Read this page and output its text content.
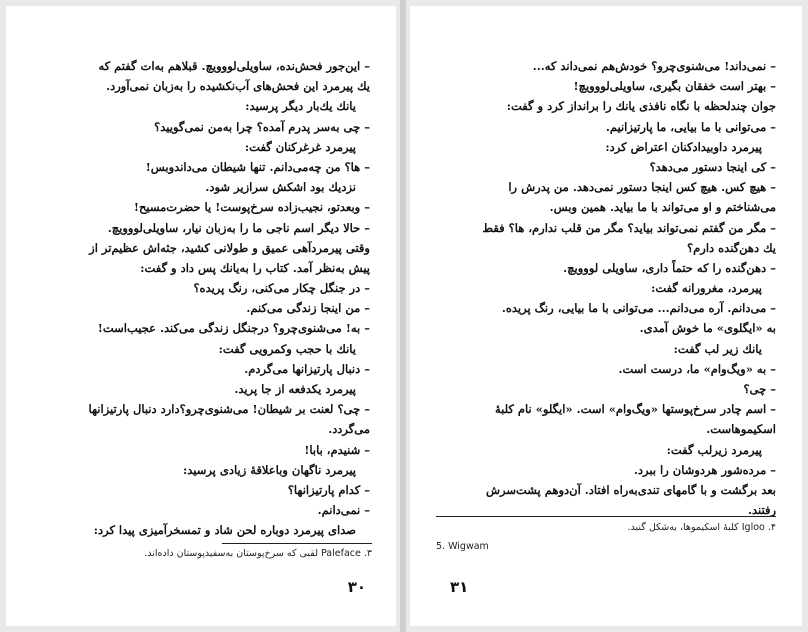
– این‌جور فحش‌نده، ساویلی‌لووویچ. قبلاهم به‌ات گفتم که
یك پیرمرد این فحش‌های آب‌نکشیده را به‌زبان نمی‌آورد.
یانك یك‌بار دیگر پرسید:
– چی به‌سر پدرم آمده؟ چرا به‌من نمی‌گویید؟
پیرمرد غرغرکنان گفت:
– ها؟ من چه‌می‌دانم. تنها شیطان می‌داندوبس!
نزدیك بود اشکش سرازیر شود.
– وبعدتو، نجیب‌زاده سرخ‌پوست! یا حضرت‌مسیح!
– حالا دیگر اسم ناجی ما را به‌زبان نیار، ساویلی‌لووویچ.
وقتی پیرمرد‌آهی عمیق و طولانی کشید، جثه‌اش عظیم‌تر از
پیش به‌نظر آمد. کتاب را به‌یانك پس داد و گفت:
– در جنگل چکار می‌کنی، رنگ پریده؟
– من اینجا زندگی می‌کنم.
– به! می‌شنوی‌چرو؟ درجنگل زندگی می‌کند. عجیب‌است!
یانك با حجب وکمرویی گفت:
– دنبال پارتیزانها می‌گردم.
پیرمرد یکدفعه از جا پرید.
– چی؟ لعنت بر شیطان! می‌شنوی‌چرو؟دارد دنبال پارتیزانها
می‌گردد.
– شنیدم، بابا!
پیرمرد ناگهان وباعلاقهٔ زیادی پرسید:
– کدام پارتیزانها؟
– نمی‌دانم.
صدای پیرمرد دوباره لحن شاد و تمسخرآمیزی پیدا کرد:
۳. Paleface لقبی که سرخ‌پوستان به‌سفیدپوستان داده‌اند.
۳۰
– نمی‌داند! می‌شنوی‌چرو؟ خودش‌هم نمی‌داند که...
– بهتر است خفقان بگیری، ساویلی‌لووویچ!
جوان چندلحظه با نگاه نافذی یانك را برانداز کرد و گفت:
– می‌توانی با ما بیایی، ما پارتیزانیم.
پیرمرد داوبیدادکنان اعتراض کرد:
– کی اینجا دستور می‌دهد؟
– هیچ کس. هیچ کس اینجا دستور نمی‌دهد. من پدرش را
می‌شناختم و او می‌تواند با ما بیاید. همین وبس.
– مگر من گفتم نمی‌تواند بیاید؟ مگر من قلب ندارم، ها؟ فقط
یك دهن‌گنده دارم؟
– دهن‌گنده را که حتماً داری، ساویلی لووویچ.
پیرمرد، مغرورانه گفت:
– می‌دانم. آره می‌دانم... می‌توانی با ما بیایی، رنگ پریده.
به «ایگلوی» ما خوش آمدی.
یانك زیر لب گفت:
– به «ویگ‌وام» ما، درست است.
– چی؟
– اسم چادر سرخ‌پوستها «ویگ‌وام» است. «ایگلو» نام کلبهٔ
اسکیموهاست.
پیرمرد زیرلب گفت:
– مرده‌شور هردوشان را ببرد.
بعد برگشت و با گامهای تندی‌به‌راه افتاد. آن‌دوهم پشت‌سرش
رفتند.
۴. Igloo کلبهٔ اسکیموها، به‌شکل گنبد.
5. Wigwam
۳۱
